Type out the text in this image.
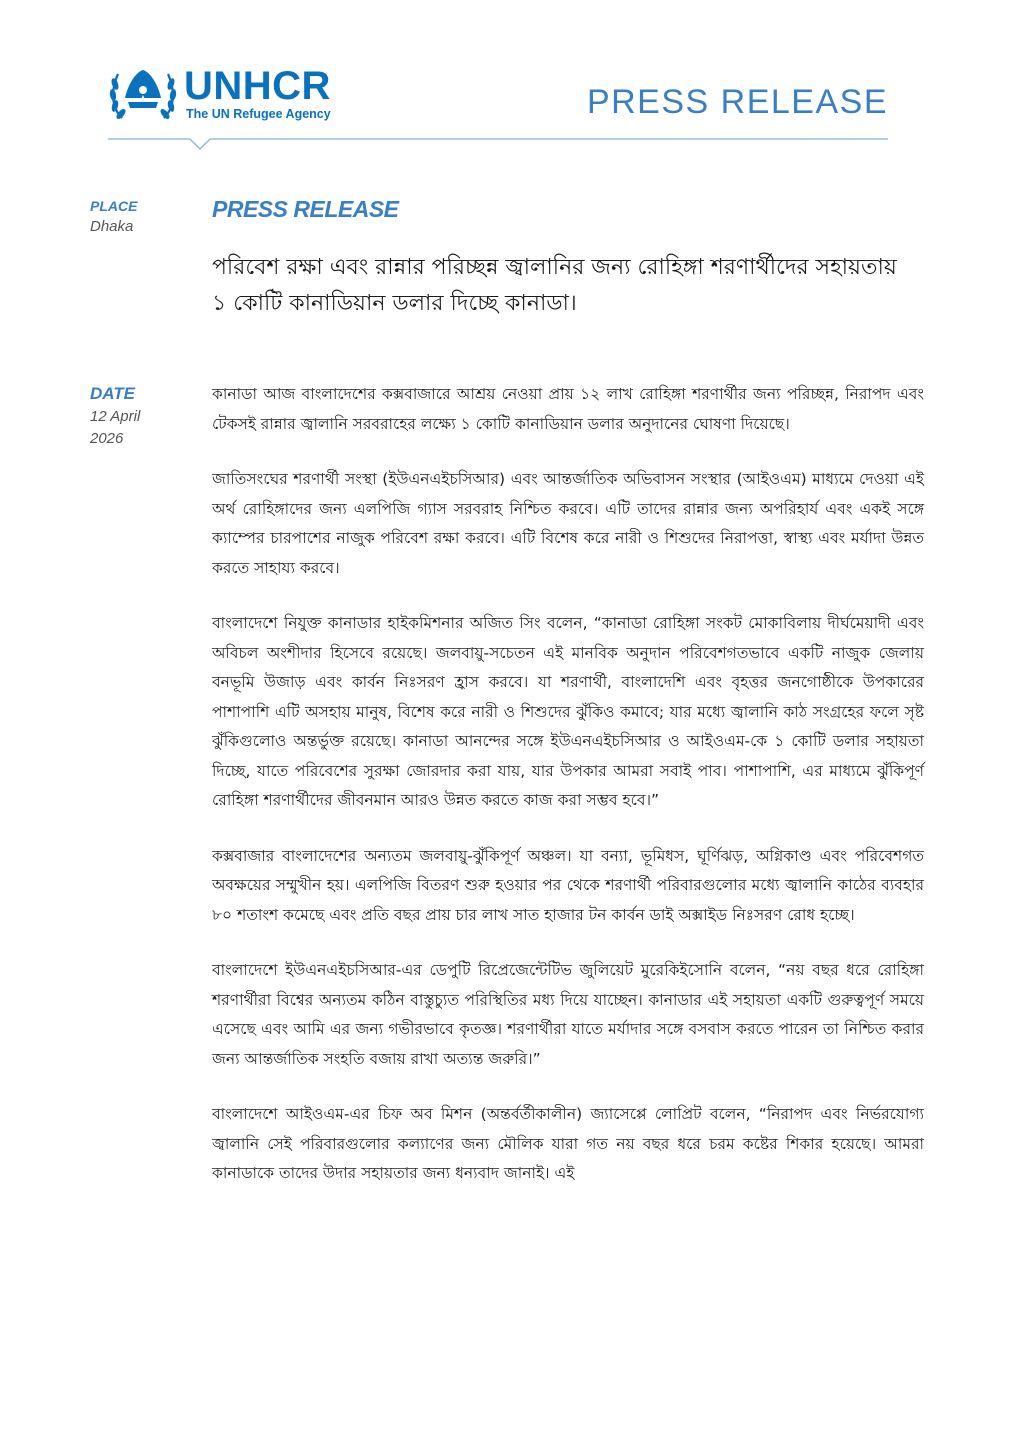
UNHCR
The UN Refugee Agency	PRESS RELEASE
PLACE
Dhaka
DATE
12 April
2026
PRESS RELEASE
পরিবেশ রক্ষা এবং রান্নার পরিচ্ছন্ন জ্বালানির জন্য রোহিঙ্গা শরণার্থীদের সহায়তায় ১ কোটি কানাডিয়ান ডলার দিচ্ছে কানাডা।

কানাডা আজ বাংলাদেশের কক্সবাজারে আশ্রয় নেওয়া প্রায় ১২ লাখ রোহিঙ্গা শরণার্থীর জন্য পরিচ্ছন্ন, নিরাপদ এবং টেকসই রান্নার জ্বালানি সরবরাহের লক্ষ্যে ১ কোটি কানাডিয়ান ডলার অনুদানের ঘোষণা দিয়েছে।

জাতিসংঘের শরণার্থী সংস্থা (ইউএনএইচসিআর) এবং আন্তর্জাতিক অভিবাসন সংস্থার (আইওএম) মাধ্যমে দেওয়া এই অর্থ রোহিঙ্গাদের জন্য এলপিজি গ্যাস সরবরাহ নিশ্চিত করবে। এটি তাদের রান্নার জন্য অপরিহার্য এবং একই সঙ্গে ক্যাম্পের চারপাশের নাজুক পরিবেশ রক্ষা করবে। এটি বিশেষ করে নারী ও শিশুদের নিরাপত্তা, স্বাস্থ্য এবং মর্যাদা উন্নত করতে সাহায্য করবে।

বাংলাদেশে নিযুক্ত কানাডার হাইকমিশনার অজিত সিং বলেন, “কানাডা রোহিঙ্গা সংকট মোকাবিলায় দীর্ঘমেয়াদী এবং অবিচল অংশীদার হিসেবে রয়েছে। জলবায়ু-সচেতন এই মানবিক অনুদান পরিবেশগতভাবে একটি নাজুক জেলায় বনভূমি উজাড় এবং কার্বন নিঃসরণ হ্রাস করবে। যা শরণার্থী, বাংলাদেশি এবং বৃহত্তর জনগোষ্ঠীকে উপকারের পাশাপাশি এটি অসহায় মানুষ, বিশেষ করে নারী ও শিশুদের ঝুঁকিও কমাবে; যার মধ্যে জ্বালানি কাঠ সংগ্রহের ফলে সৃষ্ট ঝুঁকিগুলোও অন্তর্ভুক্ত রয়েছে। কানাডা আনন্দের সঙ্গে ইউএনএইচসিআর ও আইওএম-কে ১ কোটি ডলার সহায়তা দিচ্ছে, যাতে পরিবেশের সুরক্ষা জোরদার করা যায়, যার উপকার আমরা সবাই পাব। পাশাপাশি, এর মাধ্যমে ঝুঁকিপূর্ণ রোহিঙ্গা শরণার্থীদের জীবনমান আরও উন্নত করতে কাজ করা সম্ভব হবে।”

কক্সবাজার বাংলাদেশের অন্যতম জলবায়ু-ঝুঁকিপূর্ণ অঞ্চল। যা বন্যা, ভূমিধস, ঘূর্ণিঝড়, অগ্নিকাণ্ড এবং পরিবেশগত অবক্ষয়ের সম্মুখীন হয়। এলপিজি বিতরণ শুরু হওয়ার পর থেকে শরণার্থী পরিবারগুলোর মধ্যে জ্বালানি কাঠের ব্যবহার ৮০ শতাংশ কমেছে এবং প্রতি বছর প্রায় চার লাখ সাত হাজার টন কার্বন ডাই অক্সাইড নিঃসরণ রোধ হচ্ছে।

বাংলাদেশে ইউএনএইচসিআর-এর ডেপুটি রিপ্রেজেন্টেটিভ জুলিয়েট মুরেকিইসোনি বলেন, “নয় বছর ধরে রোহিঙ্গা শরণার্থীরা বিশ্বের অন্যতম কঠিন বাস্তুচ্যুত পরিস্থিতির মধ্য দিয়ে যাচ্ছেন। কানাডার এই সহায়তা একটি গুরুত্বপূর্ণ সময়ে এসেছে এবং আমি এর জন্য গভীরভাবে কৃতজ্ঞ। শরণার্থীরা যাতে মর্যাদার সঙ্গে বসবাস করতে পারেন তা নিশ্চিত করার জন্য আন্তর্জাতিক সংহতি বজায় রাখা অত্যন্ত জরুরি।”

বাংলাদেশে আইওএম-এর চিফ অব মিশন (অন্তর্বর্তীকালীন) জ্যাসেপ্পে লোপ্রিট বলেন, “নিরাপদ এবং নির্ভরযোগ্য জ্বালানি সেই পরিবারগুলোর কল্যাণের জন্য মৌলিক যারা গত নয় বছর ধরে চরম কষ্টের শিকার হয়েছে। আমরা কানাডাকে তাদের উদার সহায়তার জন্য ধন্যবাদ জানাই। এই
